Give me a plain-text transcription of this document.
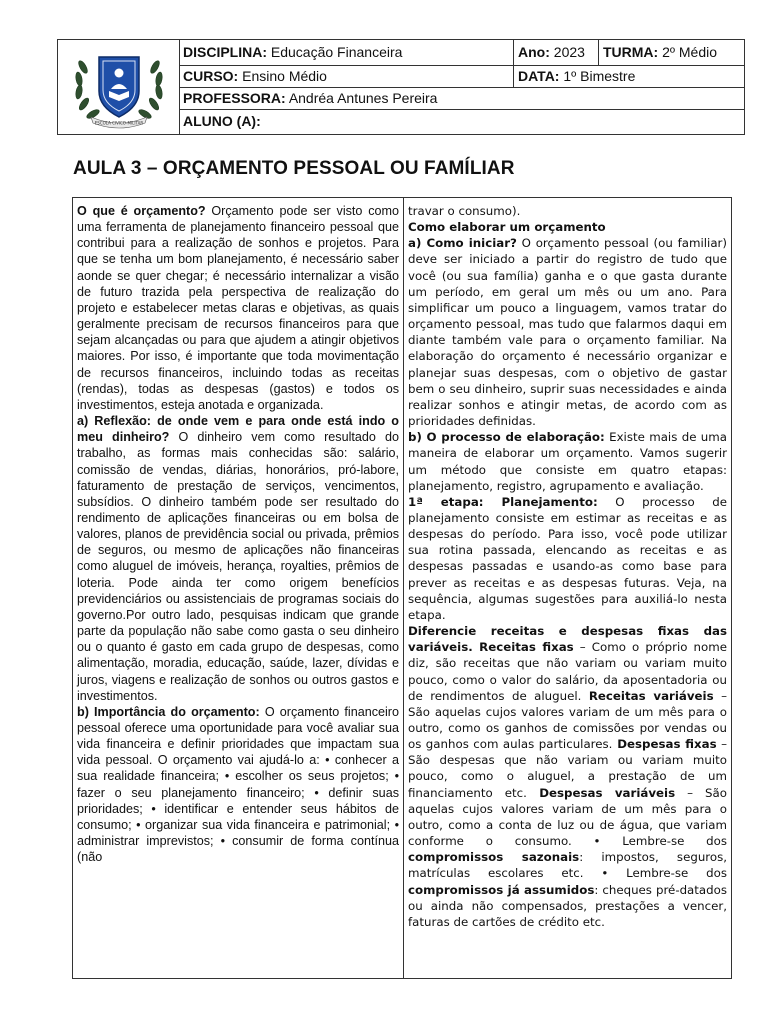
ESCOLA CIVICO-MILITAR
DISCIPLINA: Educação Financeira	Ano: 2023	TURMA: 2º Médio
CURSO: Ensino Médio	DATA: 1º Bimestre
PROFESSORA: Andréa Antunes Pereira
ALUNO (A):
AULA 3 – ORÇAMENTO PESSOAL OU FAMÍLIAR

O que é orçamento? Orçamento pode ser visto como uma ferramenta de planejamento financeiro pessoal que contribui para a realização de sonhos e projetos. Para que se tenha um bom planejamento, é necessário saber aonde se quer chegar; é necessário internalizar a visão de futuro trazida pela perspectiva de realização do projeto e estabelecer metas claras e objetivas, as quais geralmente precisam de recursos financeiros para que sejam alcançadas ou para que ajudem a atingir objetivos maiores. Por isso, é importante que toda movimentação de recursos financeiros, incluindo todas as receitas (rendas), todas as despesas (gastos) e todos os investimentos, esteja anotada e organizada.

a) Reflexão: de onde vem e para onde está indo o meu dinheiro? O dinheiro vem como resultado do trabalho, as formas mais conhecidas são: salário, comissão de vendas, diárias, honorários, pró-labore, faturamento de prestação de serviços, vencimentos, subsídios. O dinheiro também pode ser resultado do rendimento de aplicações financeiras ou em bolsa de valores, planos de previdência social ou privada, prêmios de seguros, ou mesmo de aplicações não financeiras como aluguel de imóveis, herança, royalties, prêmios de loteria. Pode ainda ter como origem benefícios previdenciários ou assistenciais de programas sociais do governo.Por outro lado, pesquisas indicam que grande parte da população não sabe como gasta o seu dinheiro ou o quanto é gasto em cada grupo de despesas, como alimentação, moradia, educação, saúde, lazer, dívidas e juros, viagens e realização de sonhos ou outros gastos e investimentos.

b) Importância do orçamento: O orçamento financeiro pessoal oferece uma oportunidade para você avaliar sua vida financeira e definir prioridades que impactam sua vida pessoal. O orçamento vai ajudá-lo a: • conhecer a sua realidade financeira; • escolher os seus projetos; • fazer o seu planejamento financeiro; • definir suas prioridades; • identificar e entender seus hábitos de consumo; • organizar sua vida financeira e patrimonial; • administrar imprevistos; • consumir de forma contínua (não

travar o consumo).

Como elaborar um orçamento

a) Como iniciar? O orçamento pessoal (ou familiar) deve ser iniciado a partir do registro de tudo que você (ou sua família) ganha e o que gasta durante um período, em geral um mês ou um ano. Para simplificar um pouco a linguagem, vamos tratar do orçamento pessoal, mas tudo que falarmos daqui em diante também vale para o orçamento familiar. Na elaboração do orçamento é necessário organizar e planejar suas despesas, com o objetivo de gastar bem o seu dinheiro, suprir suas necessidades e ainda realizar sonhos e atingir metas, de acordo com as prioridades definidas.

b) O processo de elaboração: Existe mais de uma maneira de elaborar um orçamento. Vamos sugerir um método que consiste em quatro etapas: planejamento, registro, agrupamento e avaliação.

1ª etapa: Planejamento: O processo de planejamento consiste em estimar as receitas e as despesas do período. Para isso, você pode utilizar sua rotina passada, elencando as receitas e as despesas passadas e usando-as como base para prever as receitas e as despesas futuras. Veja, na sequência, algumas sugestões para auxiliá-lo nesta etapa.

Diferencie receitas e despesas fixas das variáveis. Receitas fixas – Como o próprio nome diz, são receitas que não variam ou variam muito pouco, como o valor do salário, da aposentadoria ou de rendimentos de aluguel. Receitas variáveis – São aquelas cujos valores variam de um mês para o outro, como os ganhos de comissões por vendas ou os ganhos com aulas particulares. Despesas fixas – São despesas que não variam ou variam muito pouco, como o aluguel, a prestação de um financiamento etc. Despesas variáveis – São aquelas cujos valores variam de um mês para o outro, como a conta de luz ou de água, que variam conforme o consumo. • Lembre-se dos compromissos sazonais: impostos, seguros, matrículas escolares etc. • Lembre-se dos compromissos já assumidos: cheques pré-datados ou ainda não compensados, prestações a vencer, faturas de cartões de crédito etc.
